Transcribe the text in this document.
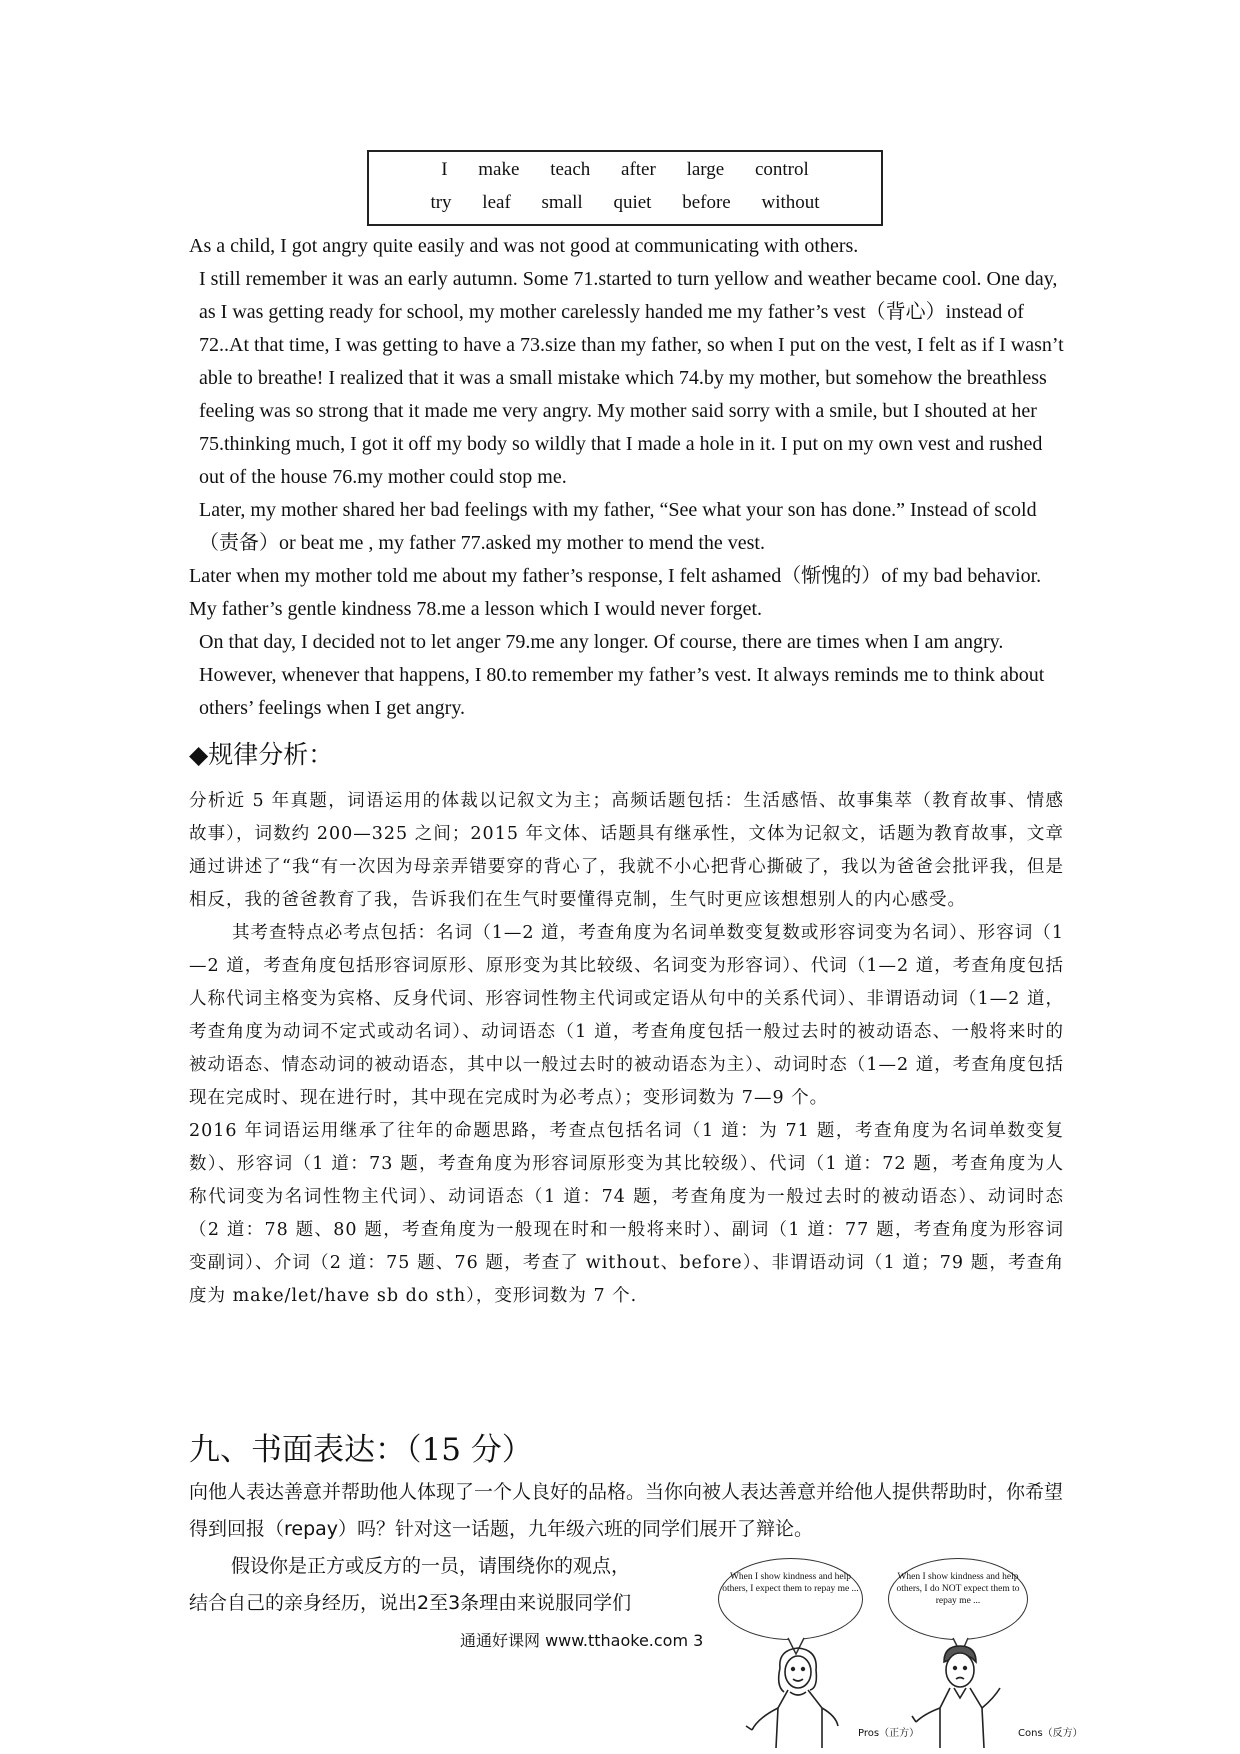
I make teach after large control
try leaf small quiet before without

As a child, I got angry quite easily and was not good at communicating with others.

I still remember it was an early autumn. Some 71.started to turn yellow and weather became cool. One day, as I was getting ready for school, my mother carelessly handed me my father’s vest（背心）instead of 72..At that time, I was getting to have a 73.size than my father, so when I put on the vest, I felt as if I wasn’t able to breathe! I realized that it was a small mistake which 74.by my mother, but somehow the breathless feeling was so strong that it made me very angry. My mother said sorry with a smile, but I shouted at her 75.thinking much, I got it off my body so wildly that I made a hole in it. I put on my own vest and rushed out of the house 76.my mother could stop me.

Later, my mother shared her bad feelings with my father, “See what your son has done.” Instead of scold（责备）or beat me , my father 77.asked my mother to mend the vest.

Later when my mother told me about my father’s response, I felt ashamed（惭愧的）of my bad behavior. My father’s gentle kindness 78.me a lesson which I would never forget.

On that day, I decided not to let anger 79.me any longer. Of course, there are times when I am angry. However, whenever that happens, I 80.to remember my father’s vest. It always reminds me to think about others’ feelings when I get angry.

◆规律分析：

分析近 5 年真题，词语运用的体裁以记叙文为主；高频话题包括：生活感悟、故事集萃（教育故事、情感故事），词数约 200—325 之间；2015 年文体、话题具有继承性，文体为记叙文，话题为教育故事，文章通过讲述了“我“有一次因为母亲弄错要穿的背心了，我就不小心把背心撕破了，我以为爸爸会批评我，但是相反，我的爸爸教育了我，告诉我们在生气时要懂得克制，生气时更应该想想别人的内心感受。

其考查特点必考点包括：名词（1—2 道，考查角度为名词单数变复数或形容词变为名词）、形容词（1—2 道，考查角度包括形容词原形、原形变为其比较级、名词变为形容词）、代词（1—2 道，考查角度包括人称代词主格变为宾格、反身代词、形容词性物主代词或定语从句中的关系代词）、非谓语动词（1—2 道，考查角度为动词不定式或动名词）、动词语态（1 道，考查角度包括一般过去时的被动语态、一般将来时的被动语态、情态动词的被动语态，其中以一般过去时的被动语态为主）、动词时态（1—2 道，考查角度包括现在完成时、现在进行时，其中现在完成时为必考点）；变形词数为 7—9 个。

2016 年词语运用继承了往年的命题思路，考查点包括名词（1 道：为 71 题，考查角度为名词单数变复数）、形容词（1 道：73 题，考查角度为形容词原形变为其比较级）、代词（1 道：72 题，考查角度为人称代词变为名词性物主代词）、动词语态（1 道：74 题，考查角度为一般过去时的被动语态）、动词时态（2 道：78 题、80 题，考查角度为一般现在时和一般将来时）、副词（1 道：77 题，考查角度为形容词变副词）、介词（2 道：75 题、76 题，考查了 without、before）、非谓语动词（1 道；79 题，考查角度为 make/let/have sb do sth），变形词数为 7 个.

九、书面表达：（15 分）

向他人表达善意并帮助他人体现了一个人良好的品格。当你向被人表达善意并给他人提供帮助时，你希望得到回报（repay）吗？针对这一话题，九年级六班的同学们展开了辩论。

假设你是正方或反方的一员，请围绕你的观点，

结合自己的亲身经历，说出2至3条理由来说服同学们

通通好课网 www.tthaoke.com 3
When I show kindness and help others, I expect them to repay me ...
When I show kindness and help others, I do NOT expect them to repay me ...
Pros（正方）	Cons（反方）
